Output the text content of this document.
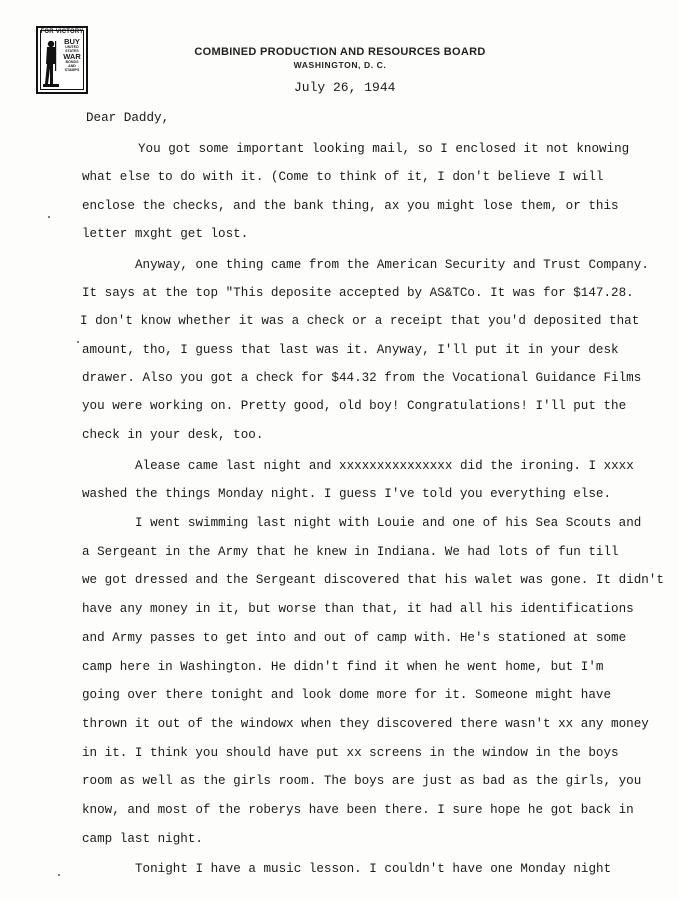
FOR VICTORY
BUY
UNITED
STATES
WAR
BONDS
AND
STAMPS
COMBINED PRODUCTION AND RESOURCES BOARD
WASHINGTON, D. C.
July 26, 1944
Dear Daddy,
You got some important looking mail, so I enclosed it not knowing
what else to do with it. (Come to think of it, I don't believe I will
enclose the checks, and the bank thing, ax you might lose them, or this
letter mxght get lost.
Anyway, one thing came from the American Security and Trust Company.
It says at the top "This deposite accepted by AS&TCo. It was for $147.28.
I don't know whether it was a check or a receipt that you'd deposited that
amount, tho, I guess that last was it. Anyway, I'll put it in your desk
drawer. Also you got a check for $44.32 from the Vocational Guidance Films
you were working on. Pretty good, old boy! Congratulations! I'll put the
check in your desk, too.
Alease came last night and xxxxxxxxxxxxxxx did the ironing. I xxxx
washed the things Monday night. I guess I've told you everything else.
I went swimming last night with Louie and one of his Sea Scouts and
a Sergeant in the Army that he knew in Indiana. We had lots of fun till
we got dressed and the Sergeant discovered that his walet was gone. It didn't
have any money in it, but worse than that, it had all his identifications
and Army passes to get into and out of camp with. He's stationed at some
camp here in Washington. He didn't find it when he went home, but I'm
going over there tonight and look dome more for it. Someone might have
thrown it out of the windowx when they discovered there wasn't xx any money
in it. I think you should have put xx screens in the window in the boys
room as well as the girls room. The boys are just as bad as the girls, you
know, and most of the roberys have been there. I sure hope he got back in
camp last night.
Tonight I have a music lesson. I couldn't have one Monday night
